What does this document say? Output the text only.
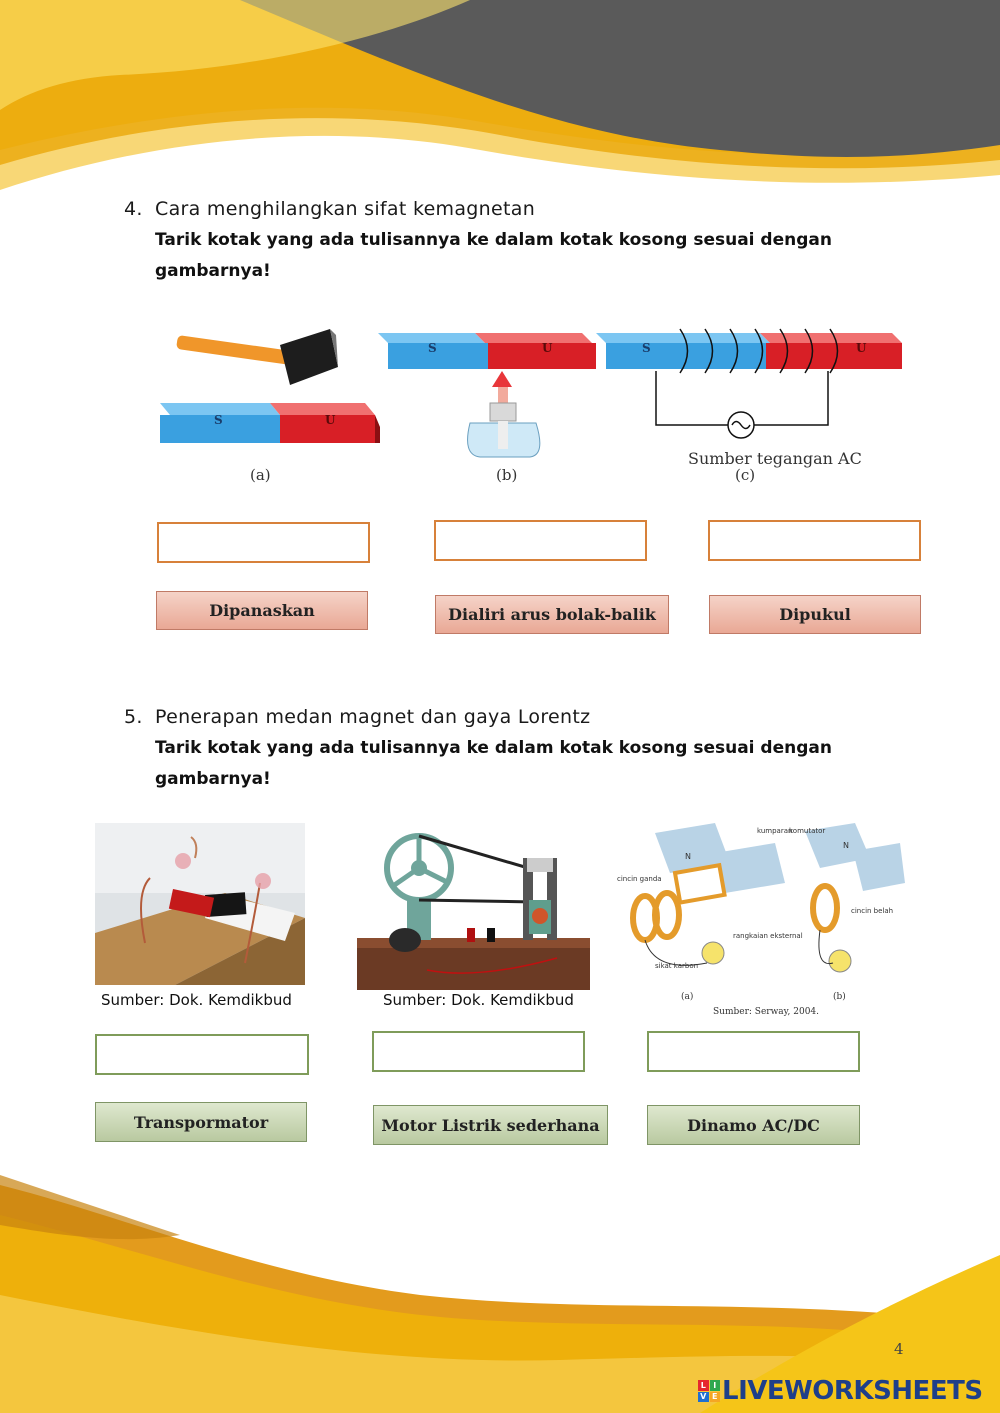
4. Cara menghilangkan sifat kemagnetan
Tarik kotak yang ada tulisannya ke dalam kotak kosong sesuai dengan
gambarnya!
S	U
(a)
S	U
(b)
S	U
Sumber tegangan AC
(c)
Dipanaskan	Dialiri arus bolak-balik	Dipukul
5. Penerapan medan magnet dan gaya Lorentz
Tarik kotak yang ada tulisannya ke dalam kotak kosong sesuai dengan
gambarnya!
Sumber: Dok. Kemdikbud	Sumber: Dok. Kemdikbud
kumparan
komutator
cincin ganda
cincin belah
rangkaian eksternal
sikat karbon
N
N
(a)	(b)
Sumber: Serway, 2004.
Transpormator	Motor Listrik sederhana	Dinamo AC/DC
4
L I
V E LIVEWORKSHEETS
